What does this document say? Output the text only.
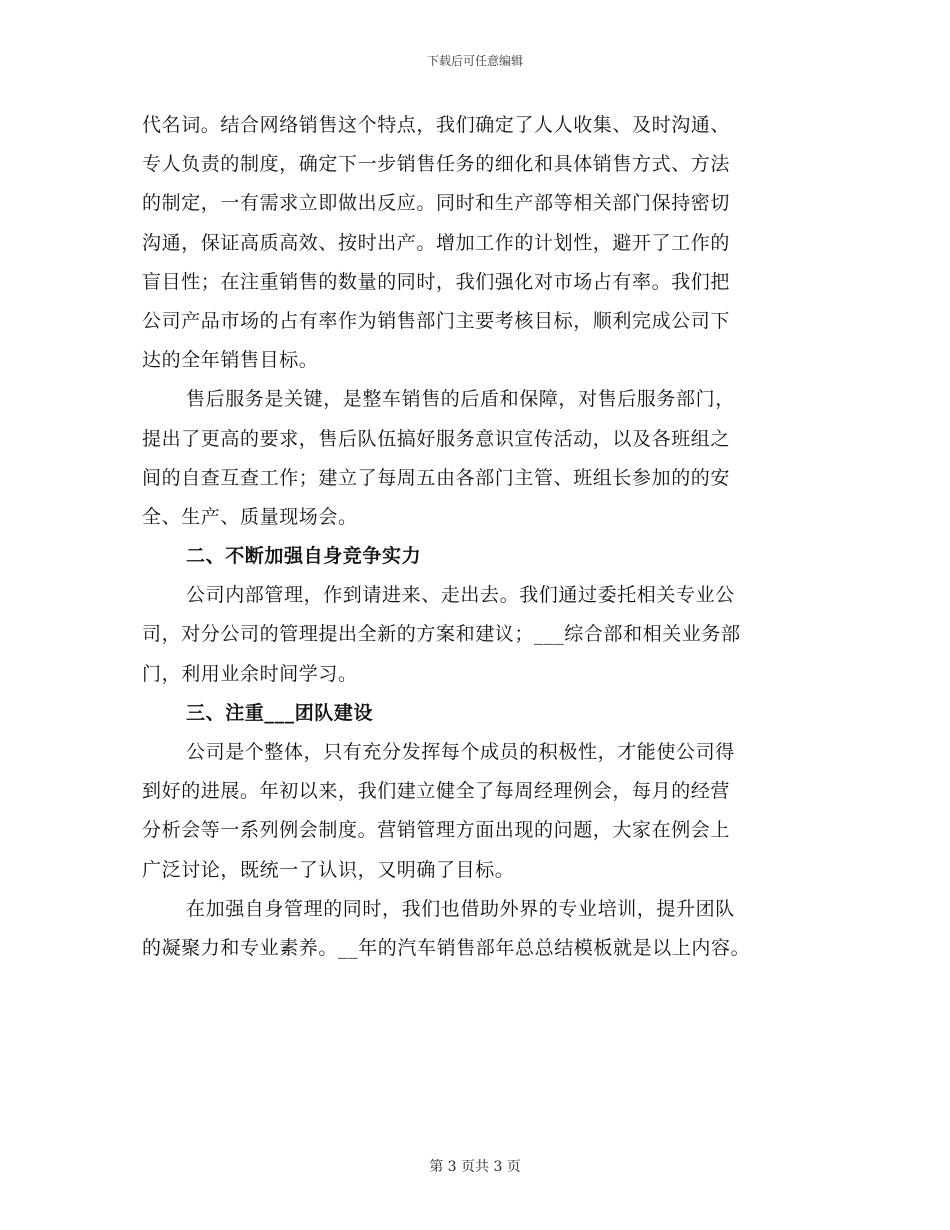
下载后可任意编辑
代名词。结合网络销售这个特点，我们确定了人人收集、及时沟通、
专人负责的制度，确定下一步销售任务的细化和具体销售方式、方法
的制定，一有需求立即做出反应。同时和生产部等相关部门保持密切
沟通，保证高质高效、按时出产。增加工作的计划性，避开了工作的
盲目性；在注重销售的数量的同时，我们强化对市场占有率。我们把
公司产品市场的占有率作为销售部门主要考核目标，顺利完成公司下
达的全年销售目标。
售后服务是关键，是整车销售的后盾和保障，对售后服务部门，
提出了更高的要求，售后队伍搞好服务意识宣传活动，以及各班组之
间的自查互查工作；建立了每周五由各部门主管、班组长参加的的安
全、生产、质量现场会。
二、不断加强自身竞争实力
公司内部管理，作到请进来、走出去。我们通过委托相关专业公
司，对分公司的管理提出全新的方案和建议；___综合部和相关业务部
门，利用业余时间学习。
三、注重___团队建设
公司是个整体，只有充分发挥每个成员的积极性，才能使公司得
到好的进展。年初以来，我们建立健全了每周经理例会，每月的经营
分析会等一系列例会制度。营销管理方面出现的问题，大家在例会上
广泛讨论，既统一了认识，又明确了目标。
在加强自身管理的同时，我们也借助外界的专业培训，提升团队
的凝聚力和专业素养。__年的汽车销售部年总总结模板就是以上内容。
第 3 页共 3 页
